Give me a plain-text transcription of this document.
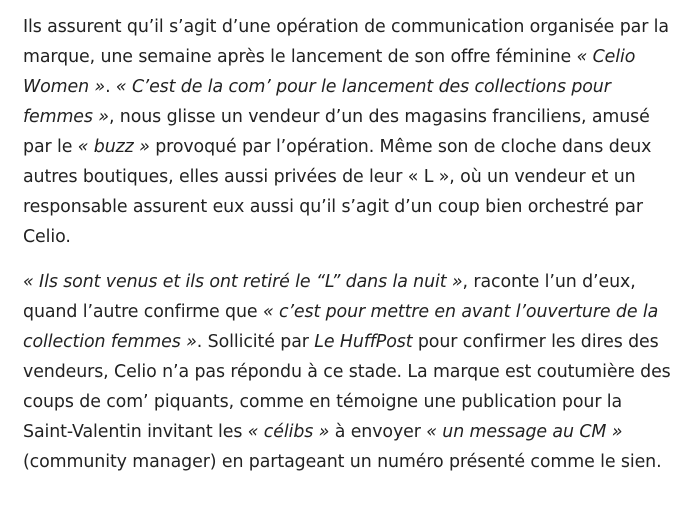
Ils assurent qu’il s’agit d’une opération de communication organisée par la marque, une semaine après le lancement de son offre féminine « Celio Women ». « C’est de la com’ pour le lancement des collections pour femmes », nous glisse un vendeur d’un des magasins franciliens, amusé par le « buzz » provoqué par l’opération. Même son de cloche dans deux autres boutiques, elles aussi privées de leur « L », où un vendeur et un responsable assurent eux aussi qu’il s’agit d’un coup bien orchestré par Celio.

« Ils sont venus et ils ont retiré le “L” dans la nuit », raconte l’un d’eux, quand l’autre confirme que « c’est pour mettre en avant l’ouverture de la collection femmes ». Sollicité par Le HuffPost pour confirmer les dires des vendeurs, Celio n’a pas répondu à ce stade. La marque est coutumière des coups de com’ piquants, comme en témoigne une publication pour la Saint-Valentin invitant les « célibs » à envoyer « un message au CM » (community manager) en partageant un numéro présenté comme le sien.
